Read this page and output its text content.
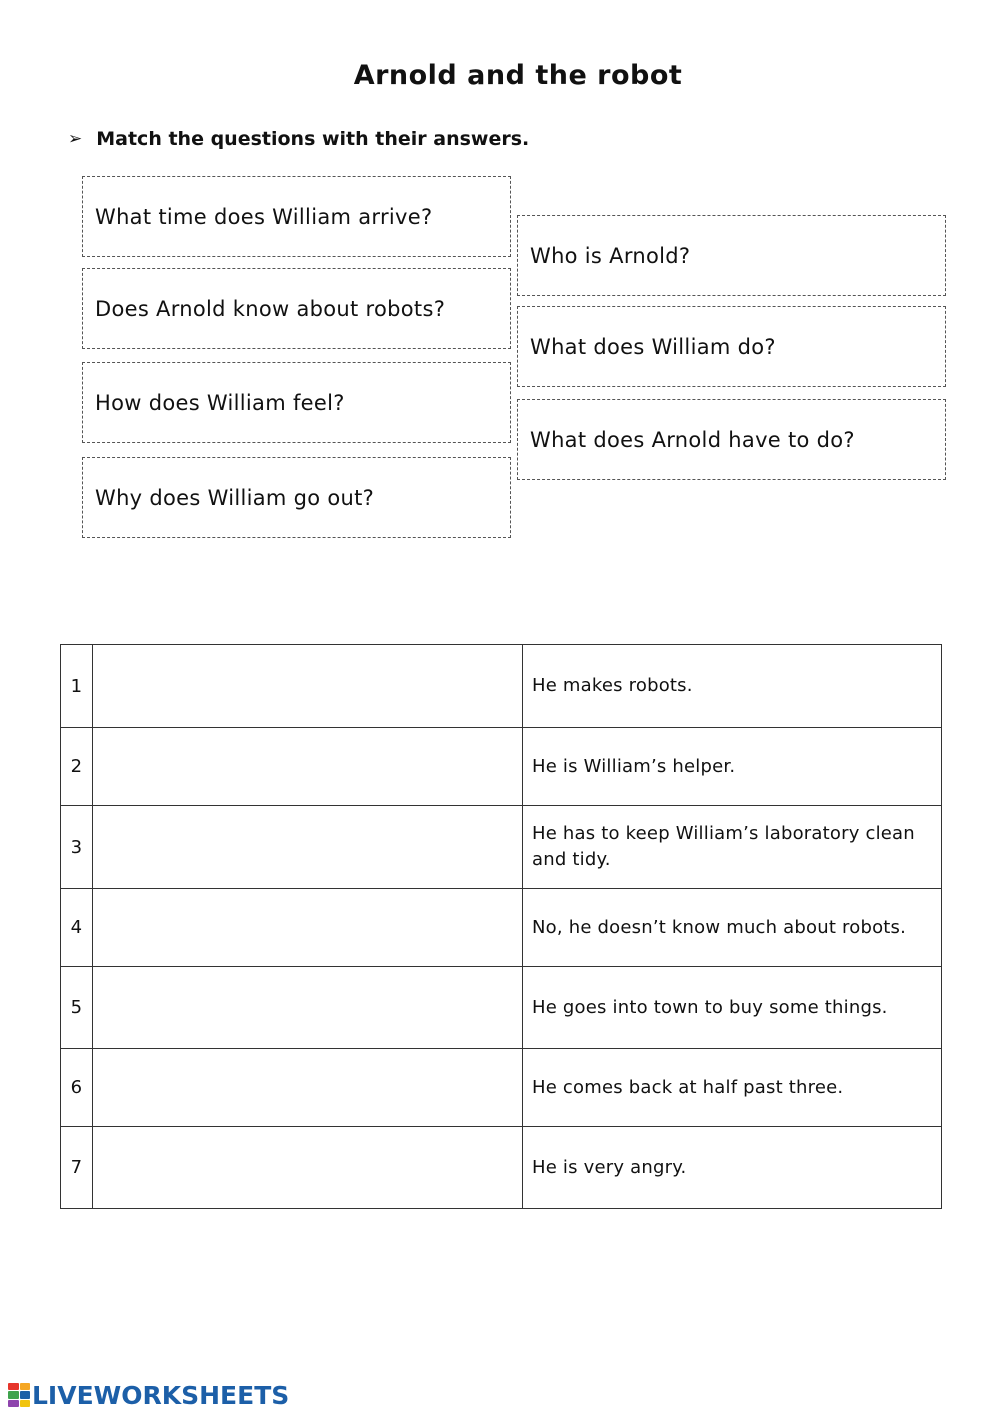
Arnold and the robot
➢ Match the questions with their answers.
What time does William arrive?
Does Arnold know about robots?
How does William feel?
Why does William go out?
Who is Arnold?
What does William do?
What does Arnold have to do?
1		He makes robots.
2		He is William’s helper.
3		He has to keep William’s laboratory clean and tidy.
4		No, he doesn’t know much about robots.
5		He goes into town to buy some things.
6		He comes back at half past three.
7		He is very angry.
LIVEWORKSHEETS
